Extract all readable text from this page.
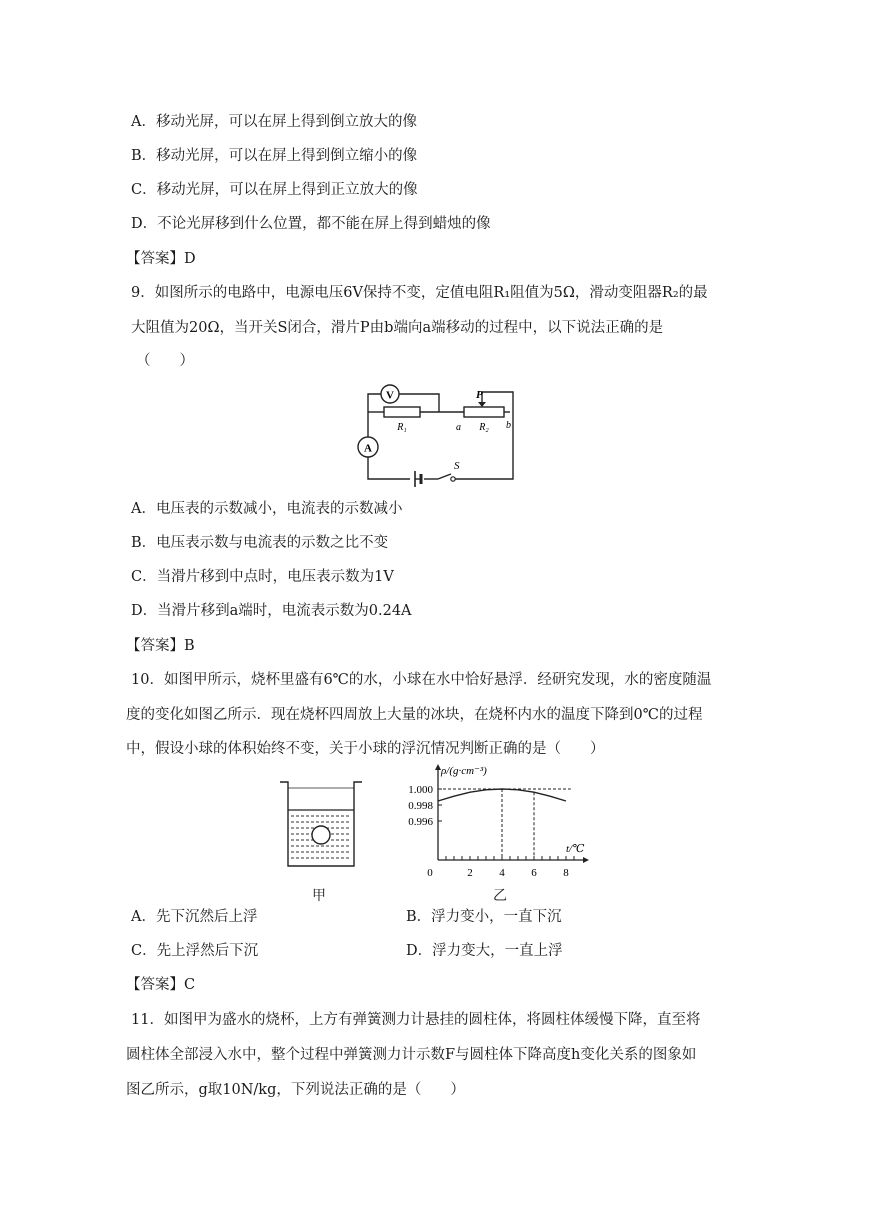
A．移动光屏，可以在屏上得到倒立放大的像
B．移动光屏，可以在屏上得到倒立缩小的像
C．移动光屏，可以在屏上得到正立放大的像
D．不论光屏移到什么位置，都不能在屏上得到蜡烛的像
【答案】D
9．如图所示的电路中，电源电压6V保持不变，定值电阻R₁阻值为5Ω，滑动变阻器R₂的最
大阻值为20Ω，当开关S闭合，滑片P由b端向a端移动的过程中，以下说法正确的是
（　　）
V
A
R₁	R₂
P
a	b
S
A．电压表的示数减小，电流表的示数减小
B．电压表示数与电流表的示数之比不变
C．当滑片移到中点时，电压表示数为1V
D．当滑片移到a端时，电流表示数为0.24A
【答案】B
10．如图甲所示，烧杯里盛有6℃的水，小球在水中恰好悬浮．经研究发现，水的密度随温
度的变化如图乙所示．现在烧杯四周放上大量的冰块，在烧杯内水的温度下降到0℃的过程
中，假设小球的体积始终不变，关于小球的浮沉情况判断正确的是（　　）
甲
1.000
0.998
0.996
0	2 4 6 8
ρ/(g·cm⁻³)
t/℃
乙
A．先下沉然后上浮	B．浮力变小，一直下沉
C．先上浮然后下沉	D．浮力变大，一直上浮
【答案】C
11．如图甲为盛水的烧杯，上方有弹簧测力计悬挂的圆柱体，将圆柱体缓慢下降，直至将
圆柱体全部浸入水中，整个过程中弹簧测力计示数F与圆柱体下降高度h变化关系的图象如
图乙所示，g取10N/kg，下列说法正确的是（　　）
